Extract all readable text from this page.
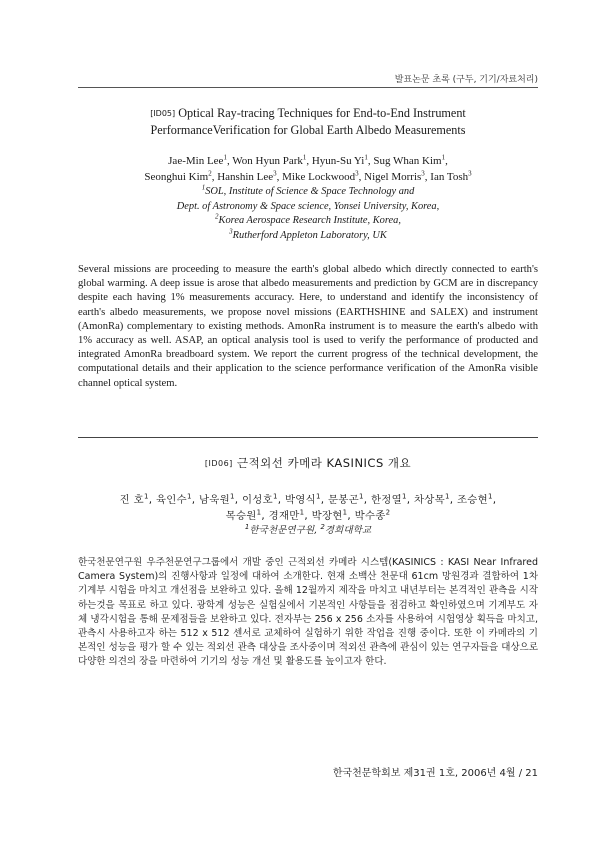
발표논문 초록 (구두, 기기/자료처리)

[ID05] Optical Ray-tracing Techniques for End-to-End Instrument
PerformanceVerification for Global Earth Albedo Measurements

Jae-Min Lee$^1$, Won Hyun Park$^1$, Hyun-Su Yi$^1$, Sug Whan Kim$^1$,
Seonghui Kim$^2$, Hanshin Lee$^3$, Mike Lockwood$^3$, Nigel Morris$^3$, Ian Tosh$^3$
$^1$SOL, Institute of Science & Space Technology and
Dept. of Astronomy & Space science, Yonsei University, Korea,
$^2$Korea Aerospace Research Institute, Korea,
$^3$Rutherford Appleton Laboratory, UK
Several missions are proceeding to measure the earth's global albedo which directly connected to earth's global warming. A deep issue is arose that albedo measurements and prediction by GCM are in discrepancy despite each having 1% measurements accuracy. Here, to understand and identify the inconsistency of earth's albedo measurements, we propose novel missions (EARTHSHINE and SALEX) and instrument (AmonRa) complementary to existing methods. AmonRa instrument is to measure the earth's albedo with 1% accuracy as well. ASAP, an optical analysis tool is used to verify the performance of producted and integrated AmonRa breadboard system. We report the current progress of the technical development, the computational details and their application to the science performance verification of the AmonRa visible channel optical system.

[ID06] 근적외선 카메라 KASINICS 개요

진 호$^1$, 육인수$^1$, 남욱원$^1$, 이성호$^1$, 박영식$^1$, 문봉곤$^1$, 한정열$^1$, 차상목$^1$, 조승현$^1$,
목승원$^1$, 경재만$^1$, 박장현$^1$, 박수종$^2$
$^1$한국천문연구원, $^2$경희대학교
한국천문연구원 우주천문연구그룹에서 개발 중인 근적외선 카메라 시스템(KASINICS : KASI Near Infrared Camera System)의 진행사항과 일정에 대하여 소개한다. 현재 소백산 천문대 61cm 망원경과 결합하여 1차 기계부 시험을 마치고 개선점을 보완하고 있다. 올해 12월까지 제작을 마치고 내년부터는 본격적인 관측을 시작하는것을 목표로 하고 있다. 광학계 성능은 실험실에서 기본적인 사항들을 점검하고 확인하였으며 기계부도 자체 냉각시험을 통해 문제점들을 보완하고 있다. 전자부는 256 x 256 소자를 사용하여 시험영상 획득을 마치고, 관측시 사용하고자 하는 512 x 512 센서로 교체하여 실험하기 위한 작업을 진행 중이다. 또한 이 카메라의 기본적인 성능을 평가 할 수 있는 적외선 관측 대상을 조사중이며 적외선 관측에 관심이 있는 연구자들을 대상으로 다양한 의견의 장을 마련하여 기기의 성능 개선 및 활용도를 높이고자 한다.
한국천문학회보 제31권 1호, 2006년 4월 / 21
